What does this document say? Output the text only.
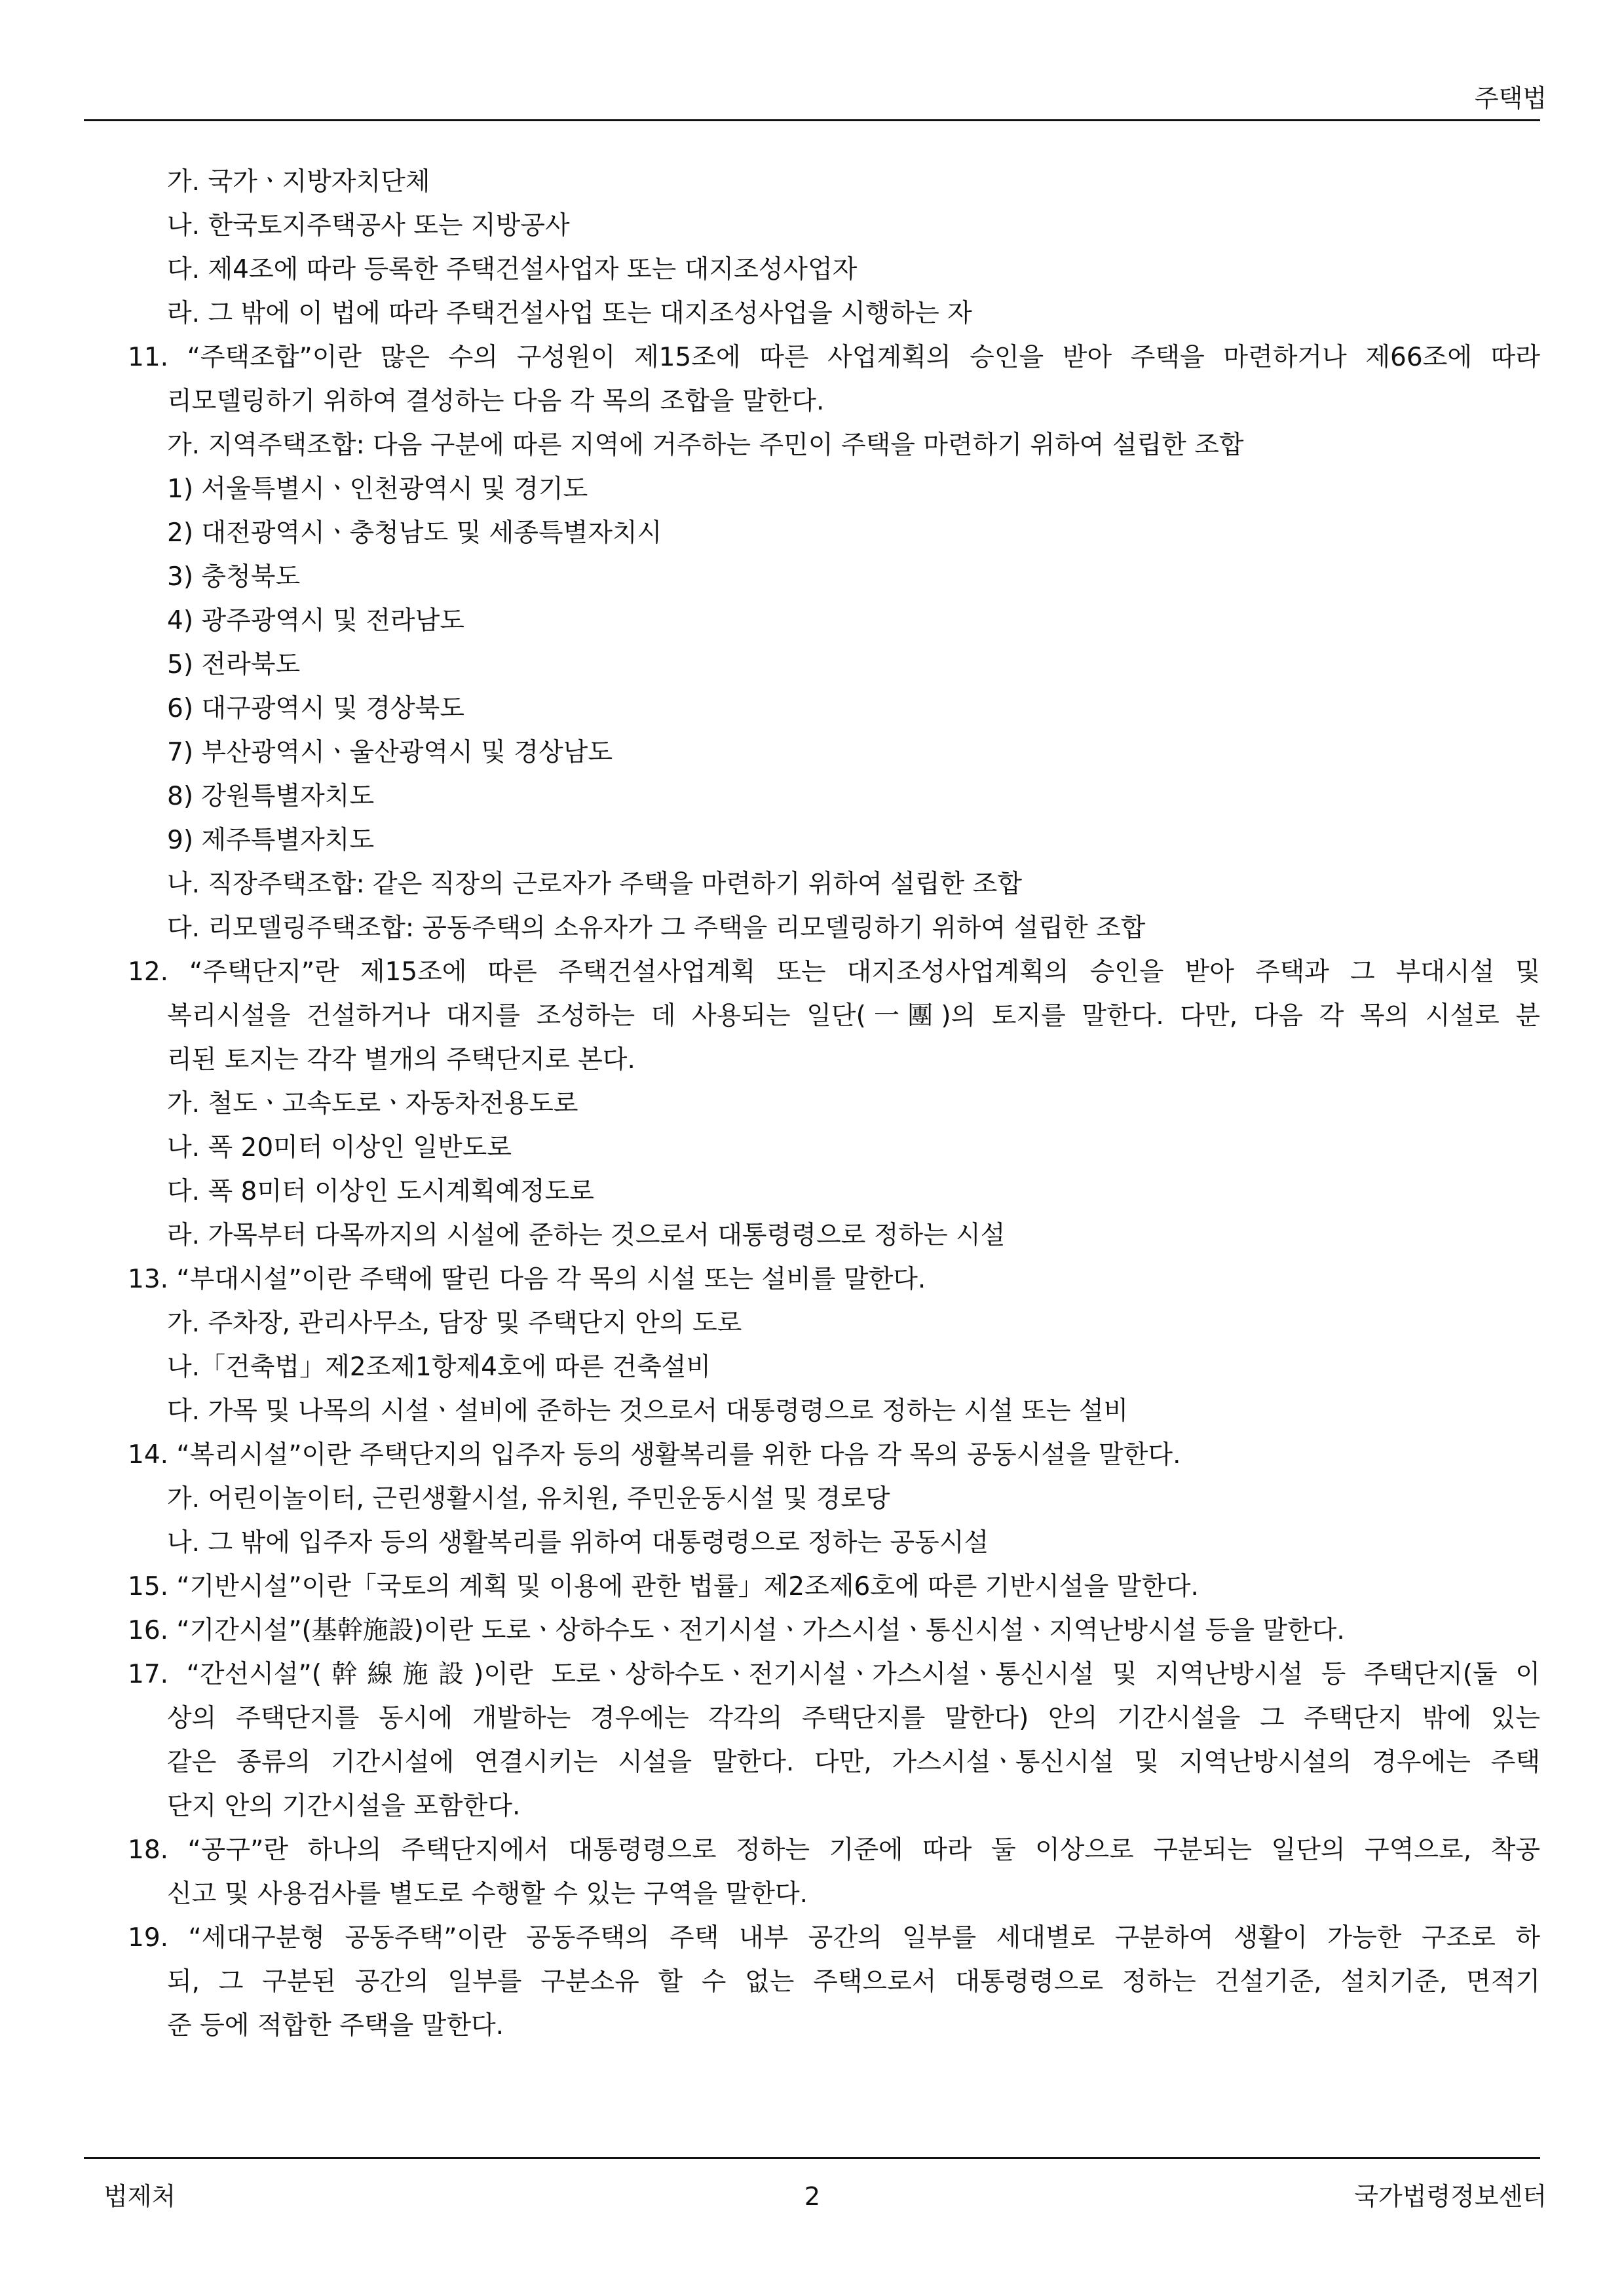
주택법
가. 국가ㆍ지방자치단체
나. 한국토지주택공사 또는 지방공사
다. 제4조에 따라 등록한 주택건설사업자 또는 대지조성사업자
라. 그 밖에 이 법에 따라 주택건설사업 또는 대지조성사업을 시행하는 자
11. “주택조합”이란 많은 수의 구성원이 제15조에 따른 사업계획의 승인을 받아 주택을 마련하거나 제66조에 따라
리모델링하기 위하여 결성하는 다음 각 목의 조합을 말한다.
가. 지역주택조합: 다음 구분에 따른 지역에 거주하는 주민이 주택을 마련하기 위하여 설립한 조합
1) 서울특별시ㆍ인천광역시 및 경기도
2) 대전광역시ㆍ충청남도 및 세종특별자치시
3) 충청북도
4) 광주광역시 및 전라남도
5) 전라북도
6) 대구광역시 및 경상북도
7) 부산광역시ㆍ울산광역시 및 경상남도
8) 강원특별자치도
9) 제주특별자치도
나. 직장주택조합: 같은 직장의 근로자가 주택을 마련하기 위하여 설립한 조합
다. 리모델링주택조합: 공동주택의 소유자가 그 주택을 리모델링하기 위하여 설립한 조합
12. “주택단지”란 제15조에 따른 주택건설사업계획 또는 대지조성사업계획의 승인을 받아 주택과 그 부대시설 및
복리시설을 건설하거나 대지를 조성하는 데 사용되는 일단(一團)의 토지를 말한다. 다만, 다음 각 목의 시설로 분
리된 토지는 각각 별개의 주택단지로 본다.
가. 철도ㆍ고속도로ㆍ자동차전용도로
나. 폭 20미터 이상인 일반도로
다. 폭 8미터 이상인 도시계획예정도로
라. 가목부터 다목까지의 시설에 준하는 것으로서 대통령령으로 정하는 시설
13. “부대시설”이란 주택에 딸린 다음 각 목의 시설 또는 설비를 말한다.
가. 주차장, 관리사무소, 담장 및 주택단지 안의 도로
나.「건축법」제2조제1항제4호에 따른 건축설비
다. 가목 및 나목의 시설ㆍ설비에 준하는 것으로서 대통령령으로 정하는 시설 또는 설비
14. “복리시설”이란 주택단지의 입주자 등의 생활복리를 위한 다음 각 목의 공동시설을 말한다.
가. 어린이놀이터, 근린생활시설, 유치원, 주민운동시설 및 경로당
나. 그 밖에 입주자 등의 생활복리를 위하여 대통령령으로 정하는 공동시설
15. “기반시설”이란「국토의 계획 및 이용에 관한 법률」제2조제6호에 따른 기반시설을 말한다.
16. “기간시설”(基幹施設)이란 도로ㆍ상하수도ㆍ전기시설ㆍ가스시설ㆍ통신시설ㆍ지역난방시설 등을 말한다.
17. “간선시설”(幹線施設)이란 도로ㆍ상하수도ㆍ전기시설ㆍ가스시설ㆍ통신시설 및 지역난방시설 등 주택단지(둘 이
상의 주택단지를 동시에 개발하는 경우에는 각각의 주택단지를 말한다) 안의 기간시설을 그 주택단지 밖에 있는
같은 종류의 기간시설에 연결시키는 시설을 말한다. 다만, 가스시설ㆍ통신시설 및 지역난방시설의 경우에는 주택
단지 안의 기간시설을 포함한다.
18. “공구”란 하나의 주택단지에서 대통령령으로 정하는 기준에 따라 둘 이상으로 구분되는 일단의 구역으로, 착공
신고 및 사용검사를 별도로 수행할 수 있는 구역을 말한다.
19. “세대구분형 공동주택”이란 공동주택의 주택 내부 공간의 일부를 세대별로 구분하여 생활이 가능한 구조로 하
되, 그 구분된 공간의 일부를 구분소유 할 수 없는 주택으로서 대통령령으로 정하는 건설기준, 설치기준, 면적기
준 등에 적합한 주택을 말한다.
법제처	2	국가법령정보센터
